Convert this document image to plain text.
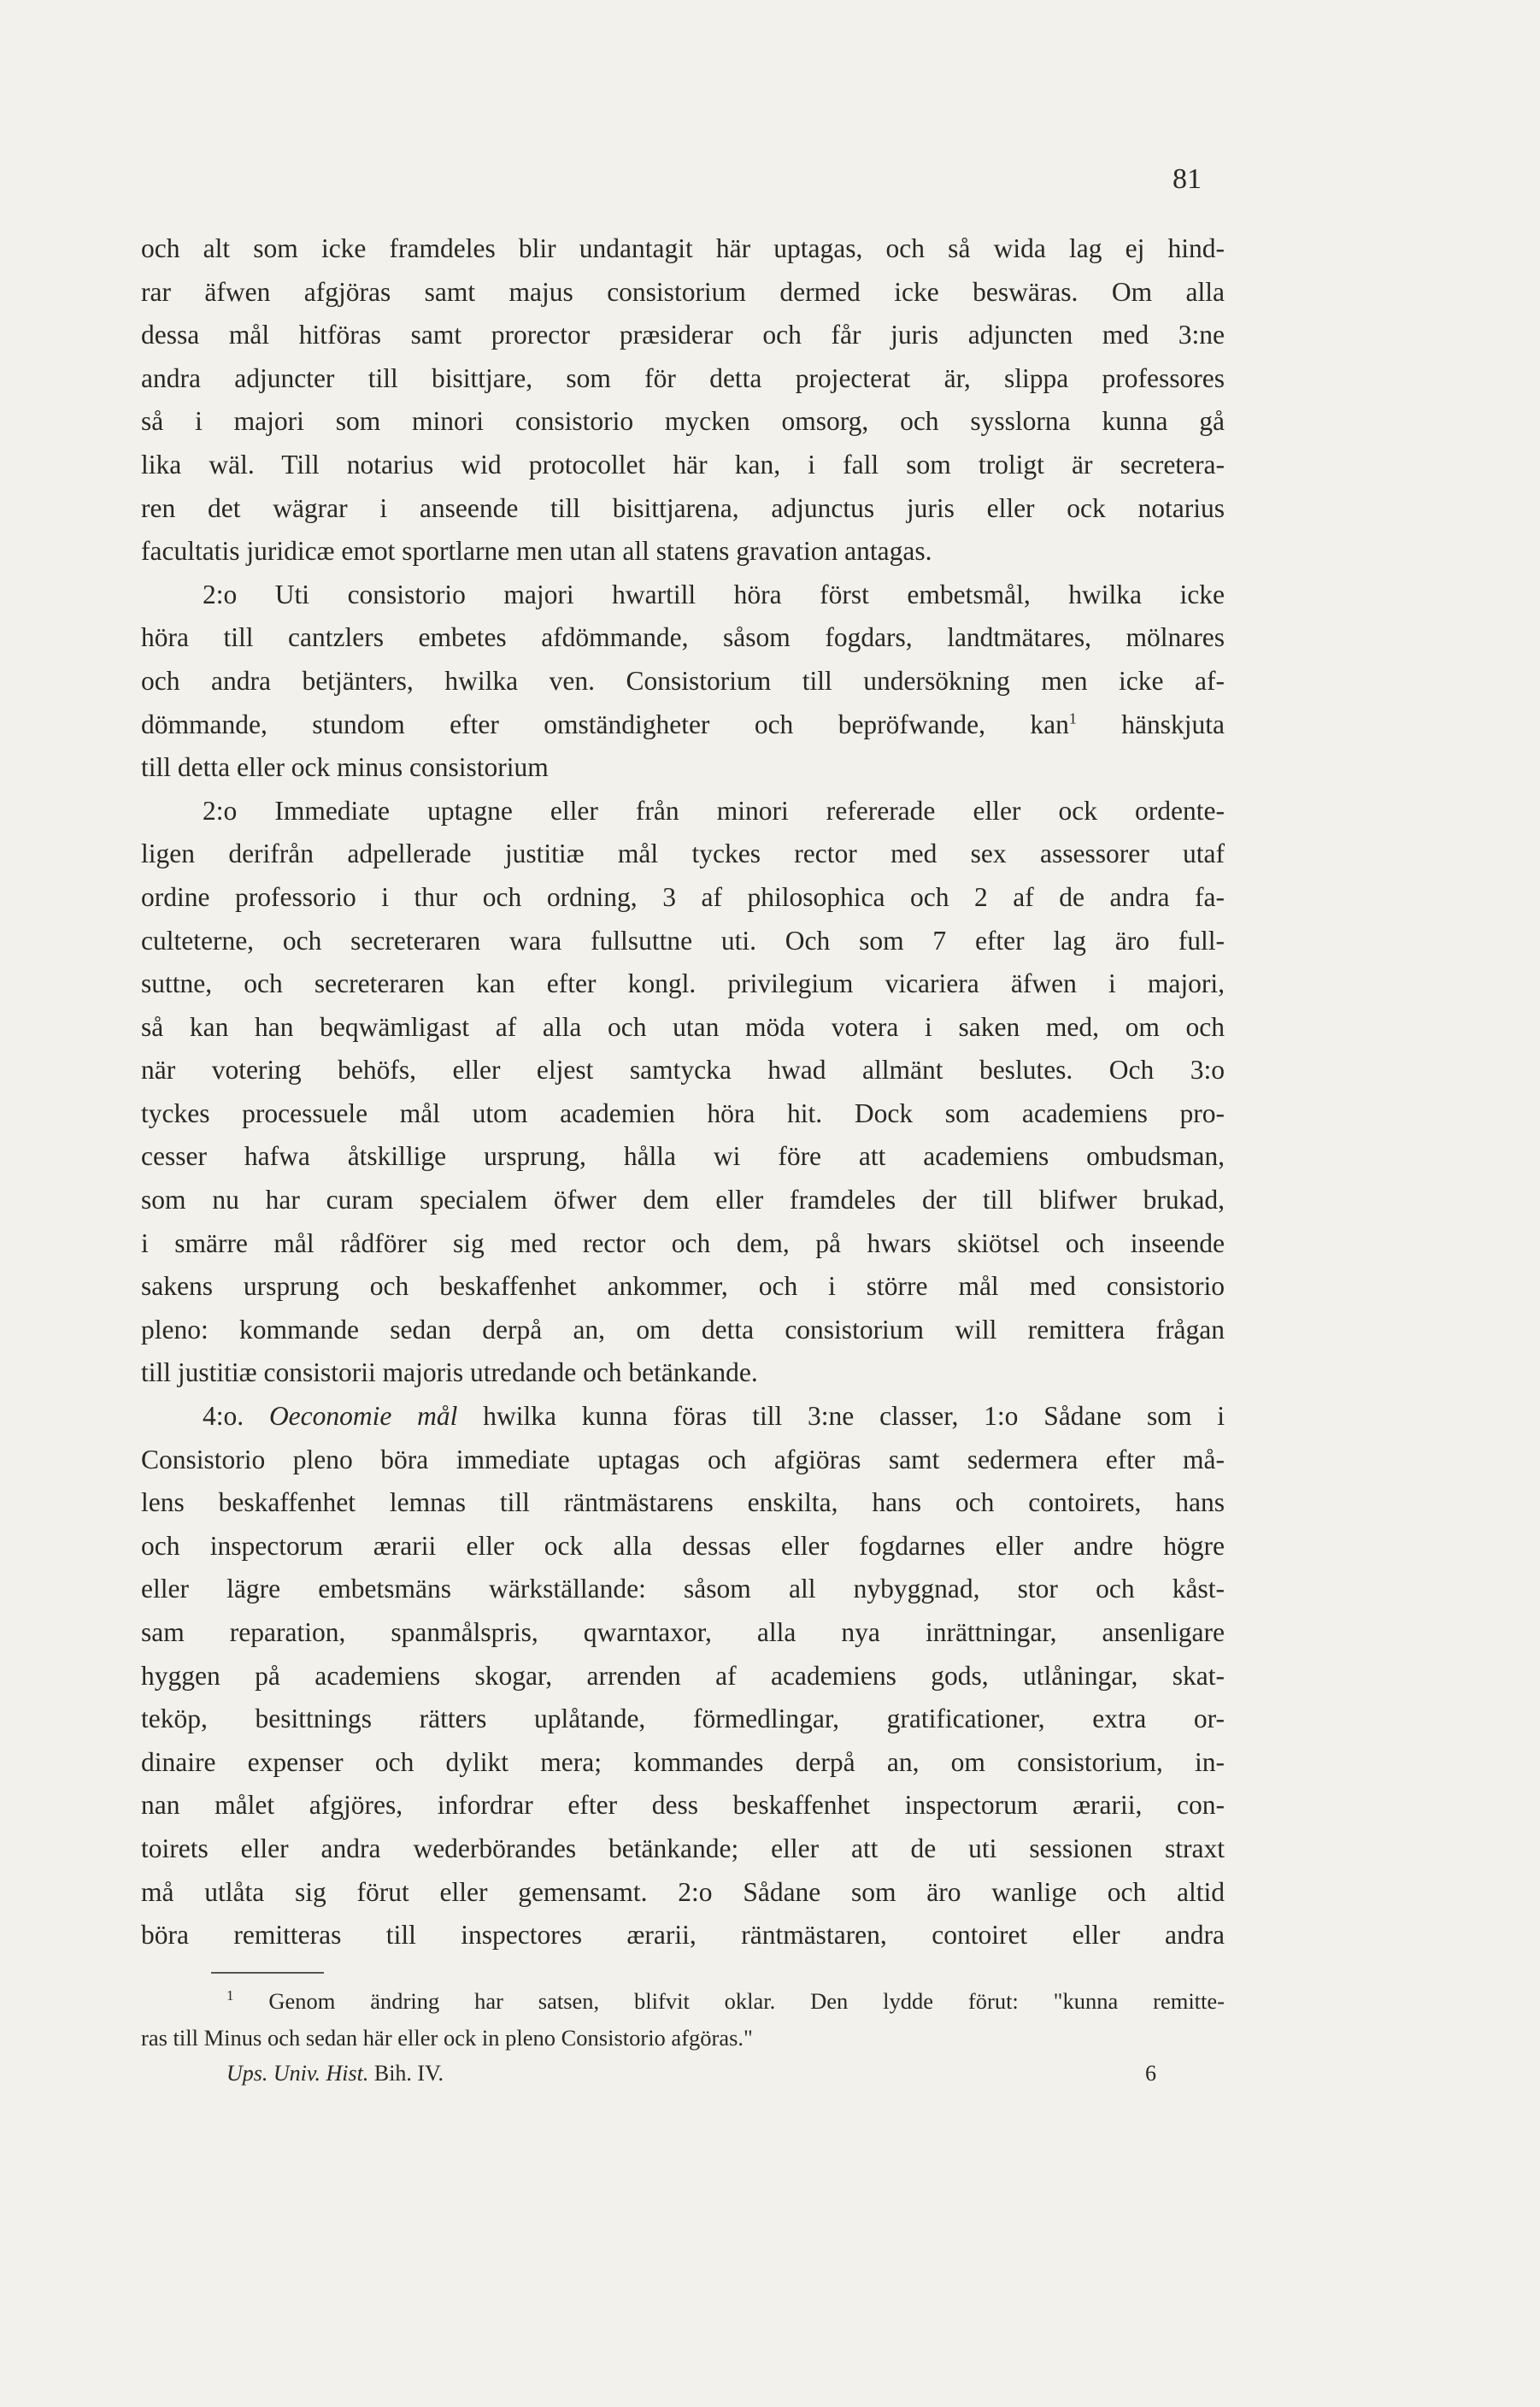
81
och alt som icke framdeles blir undantagit här uptagas, och så wida lag ej hind-
rar äfwen afgjöras samt majus consistorium dermed icke beswäras. Om alla
dessa mål hitföras samt prorector præsiderar och får juris adjuncten med 3:ne
andra adjuncter till bisittjare, som för detta projecterat är, slippa professores
så i majori som minori consistorio mycken omsorg, och sysslorna kunna gå
lika wäl. Till notarius wid protocollet här kan, i fall som troligt är secretera-
ren det wägrar i anseende till bisittjarena, adjunctus juris eller ock notarius
facultatis juridicæ emot sportlarne men utan all statens gravation antagas.
2:o Uti consistorio majori hwartill höra först embetsmål, hwilka icke
höra till cantzlers embetes afdömmande, såsom fogdars, landtmätares, mölnares
och andra betjänters, hwilka ven. Consistorium till undersökning men icke af-
dömmande, stundom efter omständigheter och bepröfwande, kan$^1$ hänskjuta
till detta eller ock minus consistorium
2:o Immediate uptagne eller från minori refererade eller ock ordente-
ligen derifrån adpellerade justitiæ mål tyckes rector med sex assessorer utaf
ordine professorio i thur och ordning, 3 af philosophica och 2 af de andra fa-
culteterne, och secreteraren wara fullsuttne uti. Och som 7 efter lag äro full-
suttne, och secreteraren kan efter kongl. privilegium vicariera äfwen i majori,
så kan han beqwämligast af alla och utan möda votera i saken med, om och
när votering behöfs, eller eljest samtycka hwad allmänt beslutes. Och 3:o
tyckes processuele mål utom academien höra hit. Dock som academiens pro-
cesser hafwa åtskillige ursprung, hålla wi före att academiens ombudsman,
som nu har curam specialem öfwer dem eller framdeles der till blifwer brukad,
i smärre mål rådförer sig med rector och dem, på hwars skiötsel och inseende
sakens ursprung och beskaffenhet ankommer, och i större mål med consistorio
pleno: kommande sedan derpå an, om detta consistorium will remittera frågan
till justitiæ consistorii majoris utredande och betänkande.
4:o. Oeconomie mål hwilka kunna föras till 3:ne classer, 1:o Sådane som i
Consistorio pleno böra immediate uptagas och afgiöras samt sedermera efter må-
lens beskaffenhet lemnas till räntmästarens enskilta, hans och contoirets, hans
och inspectorum ærarii eller ock alla dessas eller fogdarnes eller andre högre
eller lägre embetsmäns wärkställande: såsom all nybyggnad, stor och kåst-
sam reparation, spanmålspris, qwarntaxor, alla nya inrättningar, ansenligare
hyggen på academiens skogar, arrenden af academiens gods, utlåningar, skat-
teköp, besittnings rätters uplåtande, förmedlingar, gratificationer, extra or-
dinaire expenser och dylikt mera; kommandes derpå an, om consistorium, in-
nan målet afgjöres, infordrar efter dess beskaffenhet inspectorum ærarii, con-
toirets eller andra wederbörandes betänkande; eller att de uti sessionen straxt
må utlåta sig förut eller gemensamt. 2:o Sådane som äro wanlige och altid
böra remitteras till inspectores ærarii, räntmästaren, contoiret eller andra
$^1$ Genom ändring har satsen, blifvit oklar. Den lydde förut: "kunna remitte-
ras till Minus och sedan här eller ock in pleno Consistorio afgöras."
Ups. Univ. Hist. Bih. IV.	6
